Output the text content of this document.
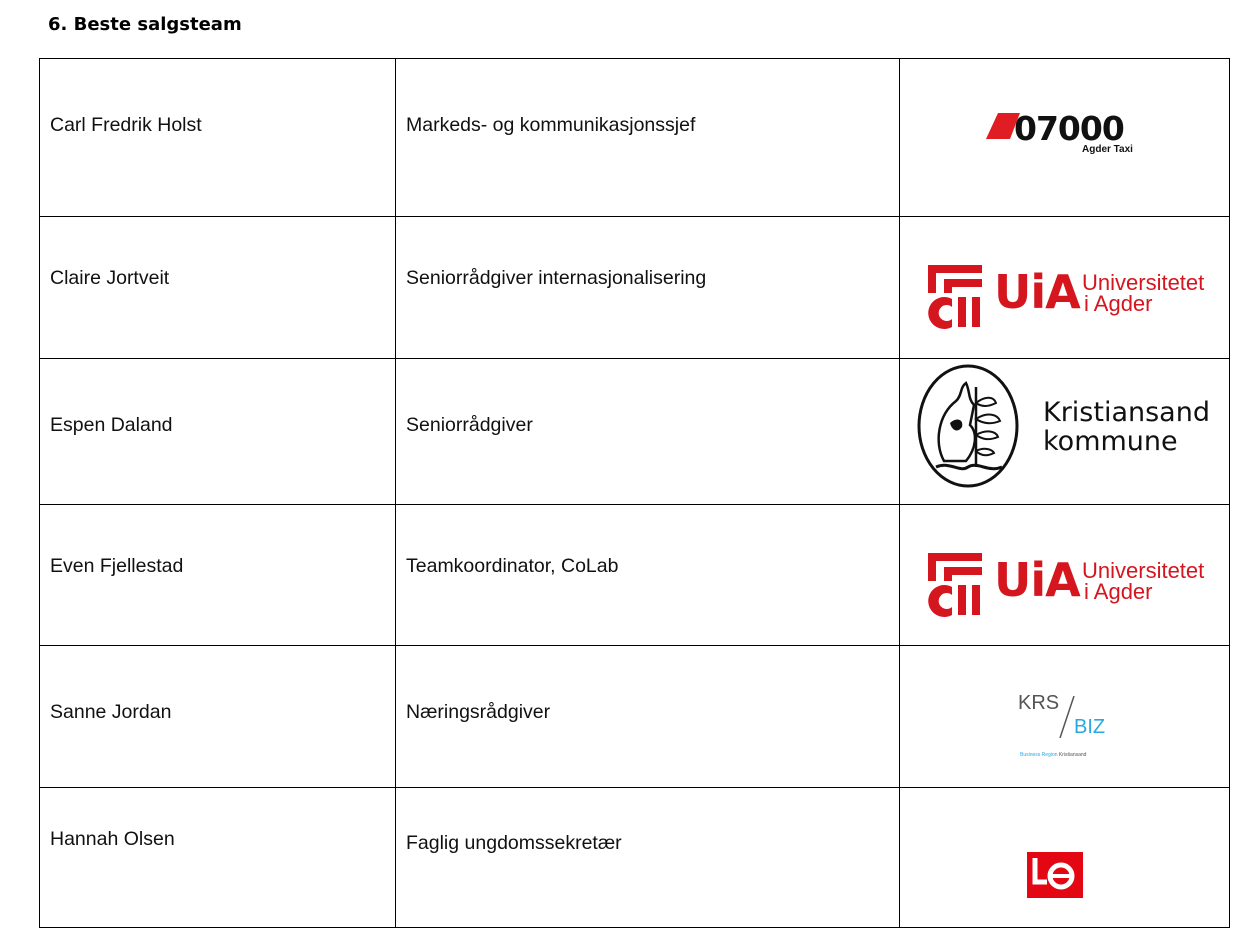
6. Beste salgsteam
Carl Fredrik Holst	Markeds- og kommunikasjonssjef	07000
Agder Taxi

Claire Jortveit	Seniorrådgiver internasjonalisering	UiA Universitetet
i Agder

Espen Daland	Seniorrådgiver	Kristiansand
kommune

Even Fjellestad	Teamkoordinator, CoLab	UiA Universitetet
i Agder

Sanne Jordan	Næringsrådgiver	KRS
BIZ
Business Region Kristiansand

Hannah Olsen	Faglig ungdomssekretær
